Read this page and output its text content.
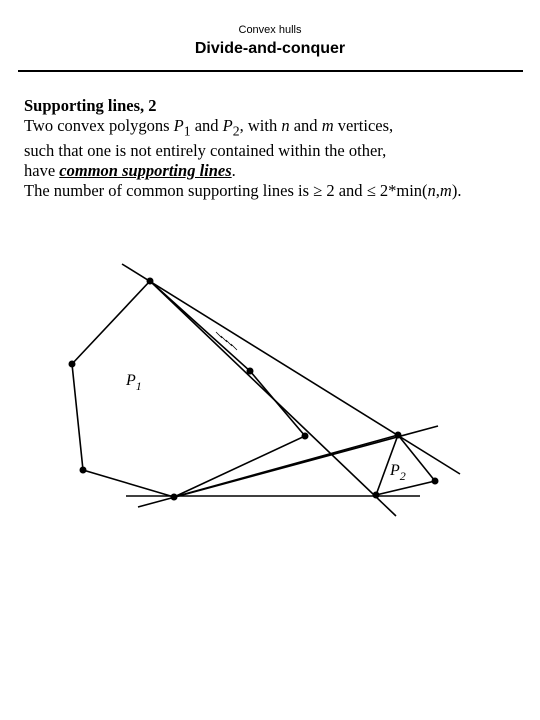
Convex hulls
Divide-and-conquer
Supporting lines, 2
Two convex polygons $P_1$ and $P_2$, with n and m vertices,
such that one is not entirely contained within the other,
have common supporting lines.
The number of common supporting lines is ≥ 2 and ≤ 2*min(n,m).
$P_1$
$P_2$
